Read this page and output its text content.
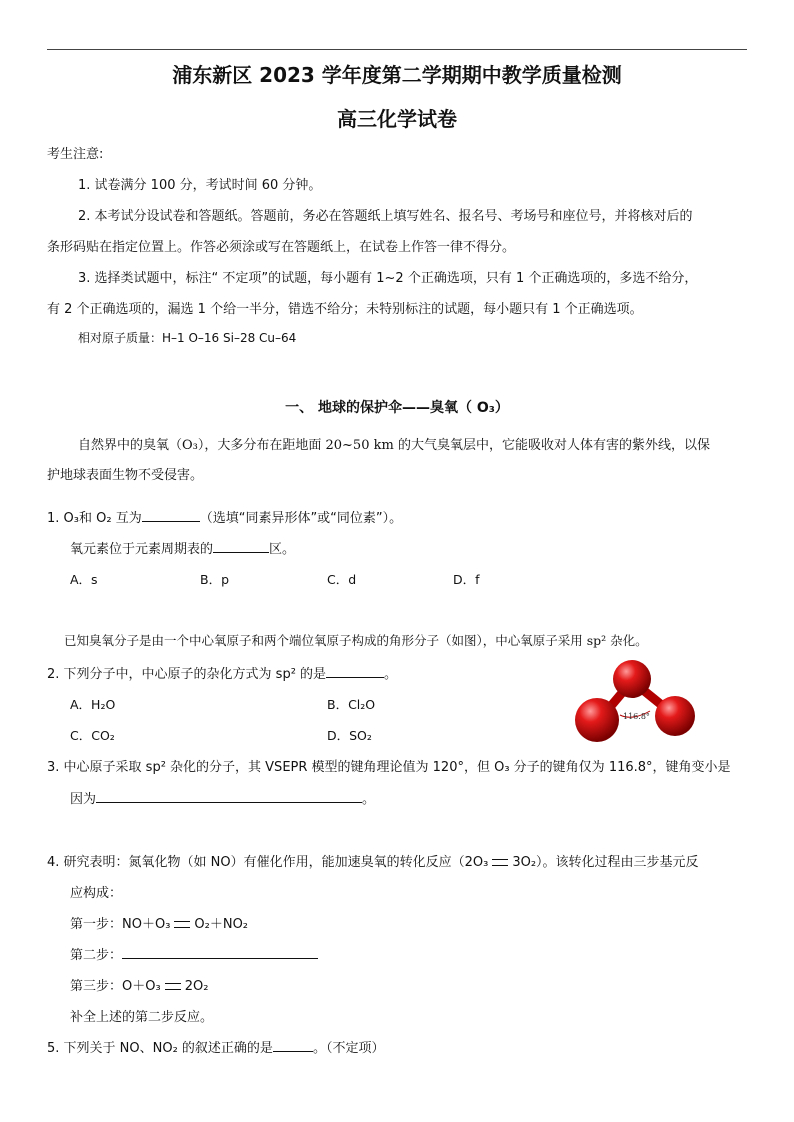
浦东新区 2023 学年度第二学期期中教学质量检测
高三化学试卷
考生注意:
1. 试卷满分 100 分，考试时间 60 分钟。
2. 本考试分设试卷和答题纸。答题前，务必在答题纸上填写姓名、报名号、考场号和座位号，并将核对后的
条形码贴在指定位置上。作答必须涂或写在答题纸上，在试卷上作答一律不得分。
3. 选择类试题中，标注“ 不定项”的试题，每小题有 1~2 个正确选项，只有 1 个正确选项的，多选不给分，
有 2 个正确选项的，漏选 1 个给一半分，错选不给分；未特别标注的试题，每小题只有 1 个正确选项。
相对原子质量：H–1 O–16 Si–28 Cu–64
一、 地球的保护伞——臭氧（ O₃）
自然界中的臭氧（O₃），大多分布在距地面 20~50 km 的大气臭氧层中，它能吸收对人体有害的紫外线，以保
护地球表面生物不受侵害。
1. O₃和 O₂ 互为	（选填“同素异形体”或“同位素”）。
氧元素位于元素周期表的	区。
A．s	B．p	C．d	D．f
已知臭氧分子是由一个中心氧原子和两个端位氧原子构成的角形分子（如图），中心氧原子采用 sp² 杂化。
2. 下列分子中，中心原子的杂化方式为 sp² 的是	。
A．H₂O	B．Cl₂O
C．CO₂	D．SO₂
116.8°
3. 中心原子采取 sp² 杂化的分子，其 VSEPR 模型的键角理论值为 120°，但 O₃ 分子的键角仅为 116.8°，键角变小是
因为	。
4. 研究表明：氮氧化物（如 NO）有催化作用，能加速臭氧的转化反应（2O₃ 3O₂）。该转化过程由三步基元反
应构成：
第一步：NO＋O₃ O₂＋NO₂
第二步：
第三步：O＋O₃ 2O₂
补全上述的第二步反应。
5. 下列关于 NO、NO₂ 的叙述正确的是	。（不定项）
